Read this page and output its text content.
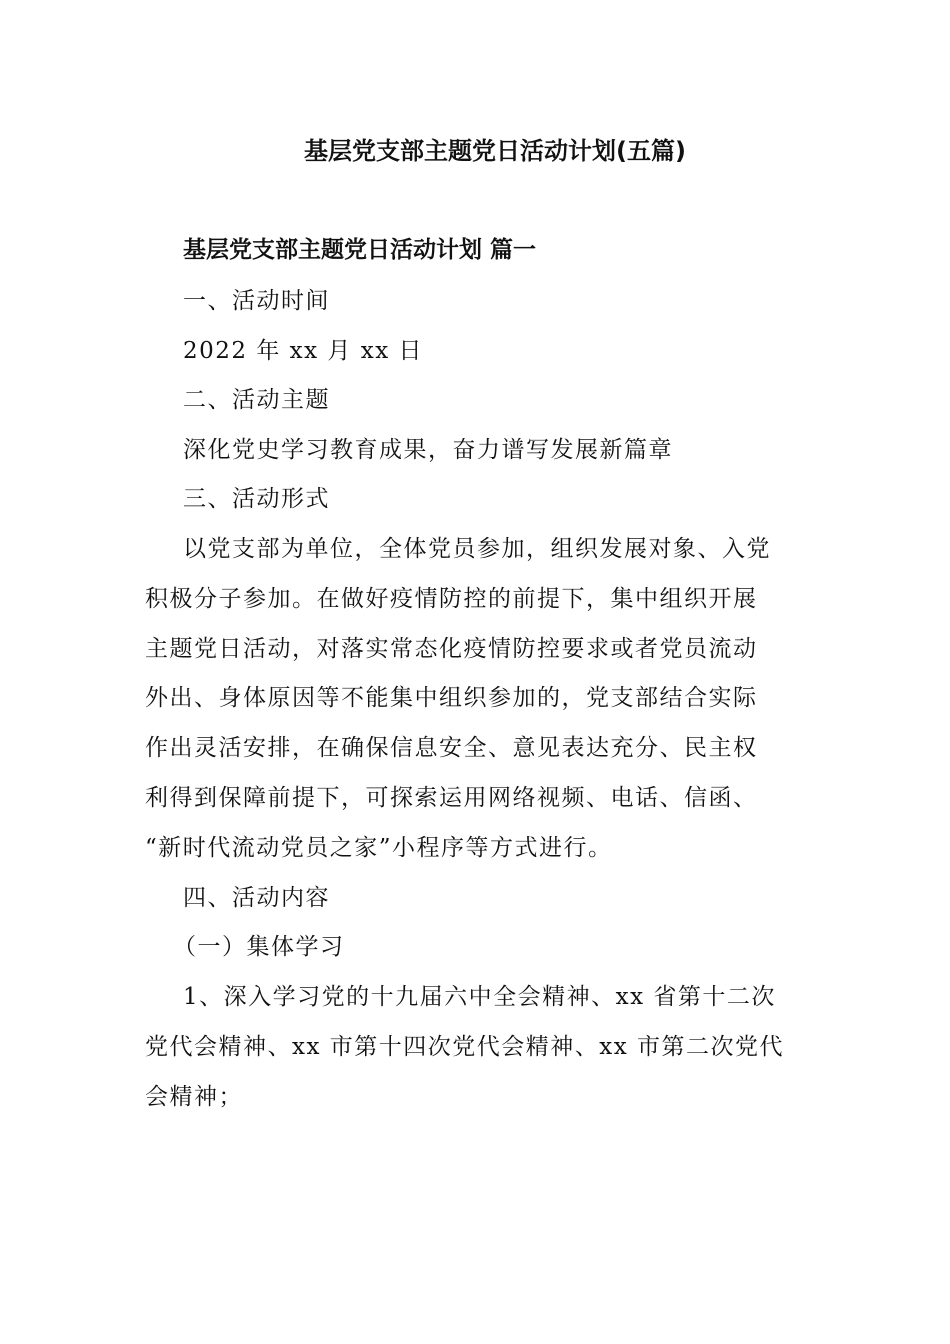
基层党支部主题党日活动计划(五篇)
基层党支部主题党日活动计划 篇一
一、活动时间
2022 年 xx 月 xx 日
二、活动主题
深化党史学习教育成果，奋力谱写发展新篇章
三、活动形式
以党支部为单位，全体党员参加，组织发展对象、入党
积极分子参加。在做好疫情防控的前提下，集中组织开展
主题党日活动，对落实常态化疫情防控要求或者党员流动
外出、身体原因等不能集中组织参加的，党支部结合实际
作出灵活安排，在确保信息安全、意见表达充分、民主权
利得到保障前提下，可探索运用网络视频、电话、信函、
“新时代流动党员之家”小程序等方式进行。
四、活动内容
（一）集体学习
1、深入学习党的十九届六中全会精神、xx 省第十二次
党代会精神、xx 市第十四次党代会精神、xx 市第二次党代
会精神；
